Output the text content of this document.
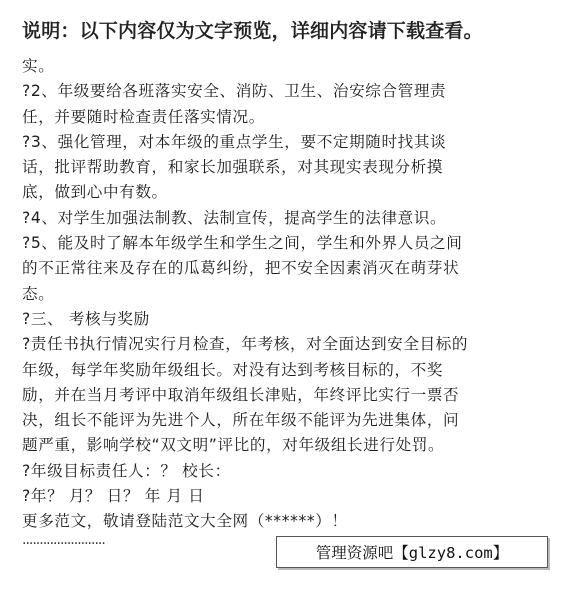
说明：以下内容仅为文字预览，详细内容请下载查看。
实。
?2、年级要给各班落实安全、消防、卫生、治安综合管理责
任，并要随时检查责任落实情况。
?3、强化管理，对本年级的重点学生，要不定期随时找其谈
话，批评帮助教育，和家长加强联系，对其现实表现分析摸
底，做到心中有数。
?4、对学生加强法制教、法制宣传，提高学生的法律意识。
?5、能及时了解本年级学生和学生之间，学生和外界人员之间
的不正常往来及存在的瓜葛纠纷，把不安全因素消灭在萌芽状
态。
?三、 考核与奖励
?责任书执行情况实行月检查，年考核，对全面达到安全目标的
年级，每学年奖励年级组长。对没有达到考核目标的，不奖
励，并在当月考评中取消年级组长津贴，年终评比实行一票否
决，组长不能评为先进个人，所在年级不能评为先进集体，问
题严重，影响学校“双文明”评比的，对年级组长进行处罚。
?年级目标责任人：？ 校长：
?年？ 月？ 日？ 年 月 日
更多范文，敬请登陆范文大全网（******）！
........................
管理资源吧【glzy8.com】
